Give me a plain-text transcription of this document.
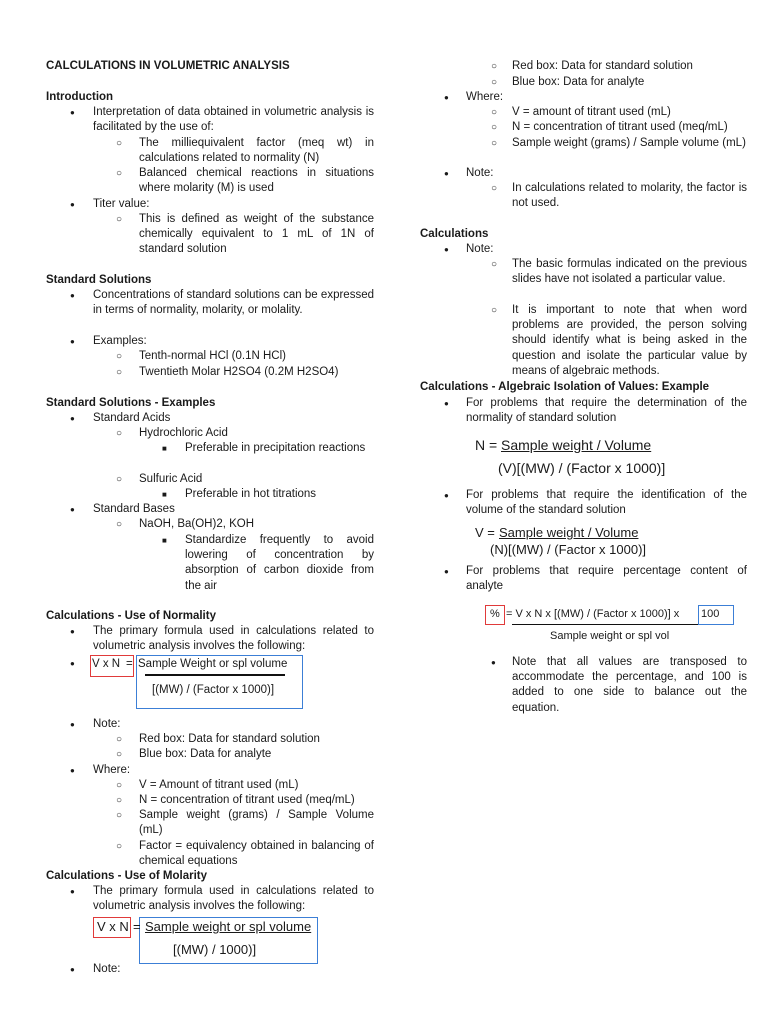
CALCULATIONS IN VOLUMETRIC ANALYSIS
Introduction
●
Interpretation of data obtained in volumetric analysis is facilitated by the use of:
○
The milliequivalent factor (meq wt) in calculations related to normality (N)
○
Balanced chemical reactions in situations where molarity (M) is used
●
Titer value:
○
This is defined as weight of the substance chemically equivalent to 1 mL of 1N of standard solution
Standard Solutions
●
Concentrations of standard solutions can be expressed in terms of normality, molarity, or molality.
●
Examples:
○
Tenth-normal HCl (0.1N HCl)
○
Twentieth Molar H2SO4 (0.2M H2SO4)
Standard Solutions - Examples
●
Standard Acids
○
Hydrochloric Acid
■
Preferable in precipitation reactions
○
Sulfuric Acid
■
Preferable in hot titrations
●
Standard Bases
○
NaOH, Ba(OH)2, KOH
■
Standardize frequently to avoid lowering of concentration by absorption of carbon dioxide from the air
Calculations - Use of Normality
●
The primary formula used in calculations related to volumetric analysis involves the following:
●
V x N = Sample Weight or spl volume
[(MW) / (Factor x 1000)]
●
Note:
○
Red box: Data for standard solution
○
Blue box: Data for analyte
●
Where:
○
V = Amount of titrant used (mL)
○
N = concentration of titrant used (meq/mL)
○
Sample weight (grams) / Sample Volume (mL)
○
Factor = equivalency obtained in balancing of chemical equations
Calculations - Use of Molarity
●
The primary formula used in calculations related to volumetric analysis involves the following:
V x N = Sample weight or spl volume
[(MW) / 1000)]
●
Note:
○
Red box: Data for standard solution
○
Blue box: Data for analyte
●
Where:
○
V = amount of titrant used (mL)
○
N = concentration of titrant used (meq/mL)
○
Sample weight (grams) / Sample volume (mL)
●
Note:
○
In calculations related to molarity, the factor is not used.
Calculations
●
Note:
○
The basic formulas indicated on the previous slides have not isolated a particular value.
○
It is important to note that when word problems are provided, the person solving should identify what is being asked in the question and isolate the particular value by means of algebraic methods.
Calculations - Algebraic Isolation of Values: Example
●
For problems that require the determination of the normality of standard solution
N = Sample weight / Volume
(V)[(MW) / (Factor x 1000)]
●
For problems that require the identification of the volume of the standard solution
V = Sample weight / Volume
(N)[(MW) / (Factor x 1000)]
●
For problems that require percentage content of analyte
% = V x N x [(MW) / (Factor x 1000)] x 100
Sample weight or spl vol
●
Note that all values are transposed to accommodate the percentage, and 100 is added to one side to balance out the equation.
